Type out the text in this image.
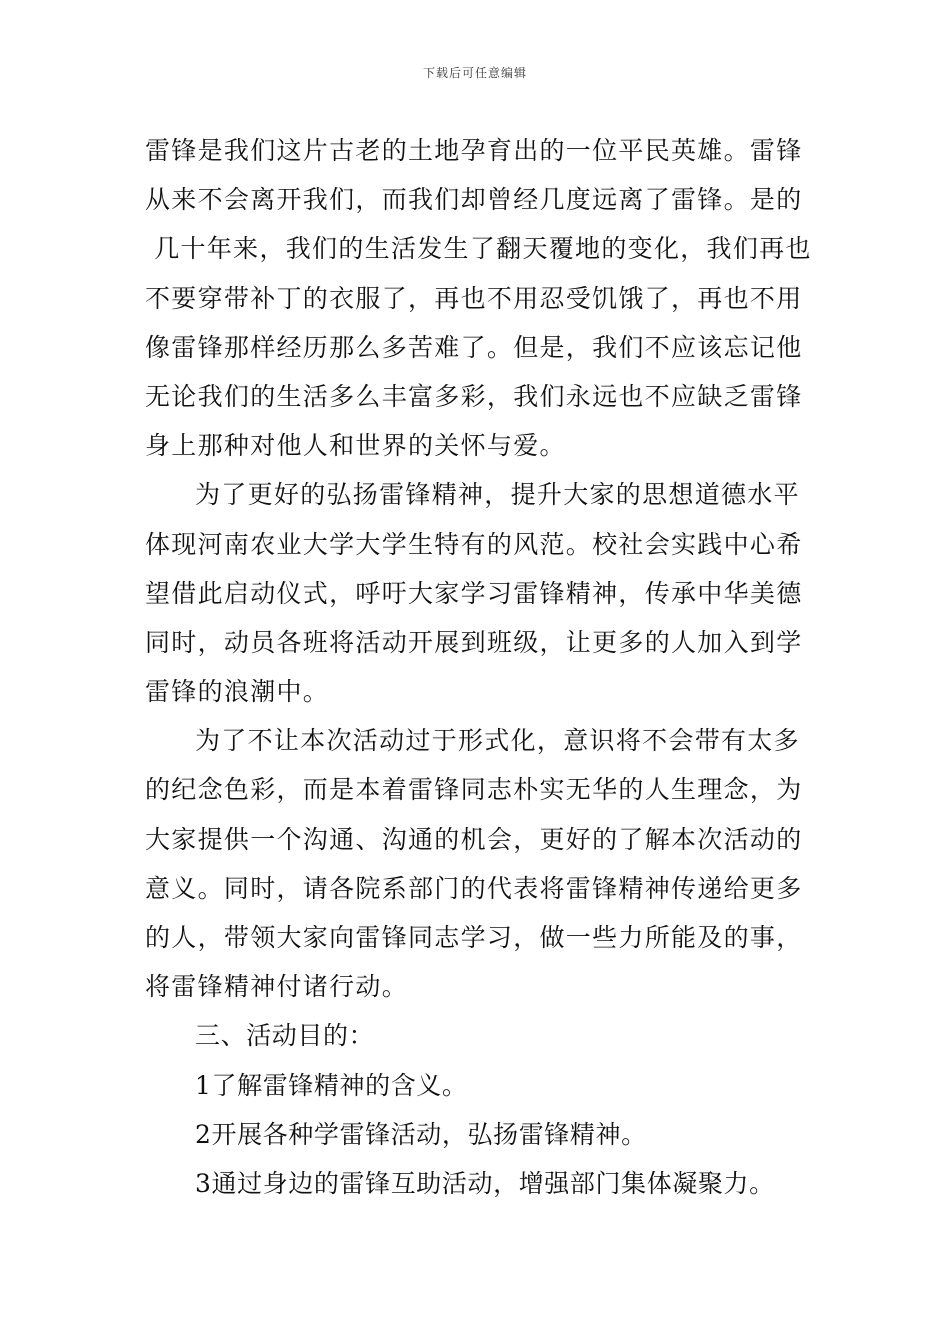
下载后可任意编辑
雷锋是我们这片古老的土地孕育出的一位平民英雄。雷锋
从来不会离开我们，而我们却曾经几度远离了雷锋。是的
几十年来，我们的生活发生了翻天覆地的变化，我们再也
不要穿带补丁的衣服了，再也不用忍受饥饿了，再也不用
像雷锋那样经历那么多苦难了。但是，我们不应该忘记他
无论我们的生活多么丰富多彩，我们永远也不应缺乏雷锋
身上那种对他人和世界的关怀与爱。
为了更好的弘扬雷锋精神，提升大家的思想道德水平
体现河南农业大学大学生特有的风范。校社会实践中心希
望借此启动仪式，呼吁大家学习雷锋精神，传承中华美德
同时，动员各班将活动开展到班级，让更多的人加入到学
雷锋的浪潮中。
为了不让本次活动过于形式化，意识将不会带有太多
的纪念色彩，而是本着雷锋同志朴实无华的人生理念，为
大家提供一个沟通、沟通的机会，更好的了解本次活动的
意义。同时，请各院系部门的代表将雷锋精神传递给更多
的人，带领大家向雷锋同志学习，做一些力所能及的事，
将雷锋精神付诸行动。
三、活动目的：
1了解雷锋精神的含义。
2开展各种学雷锋活动，弘扬雷锋精神。
3通过身边的雷锋互助活动，增强部门集体凝聚力。
